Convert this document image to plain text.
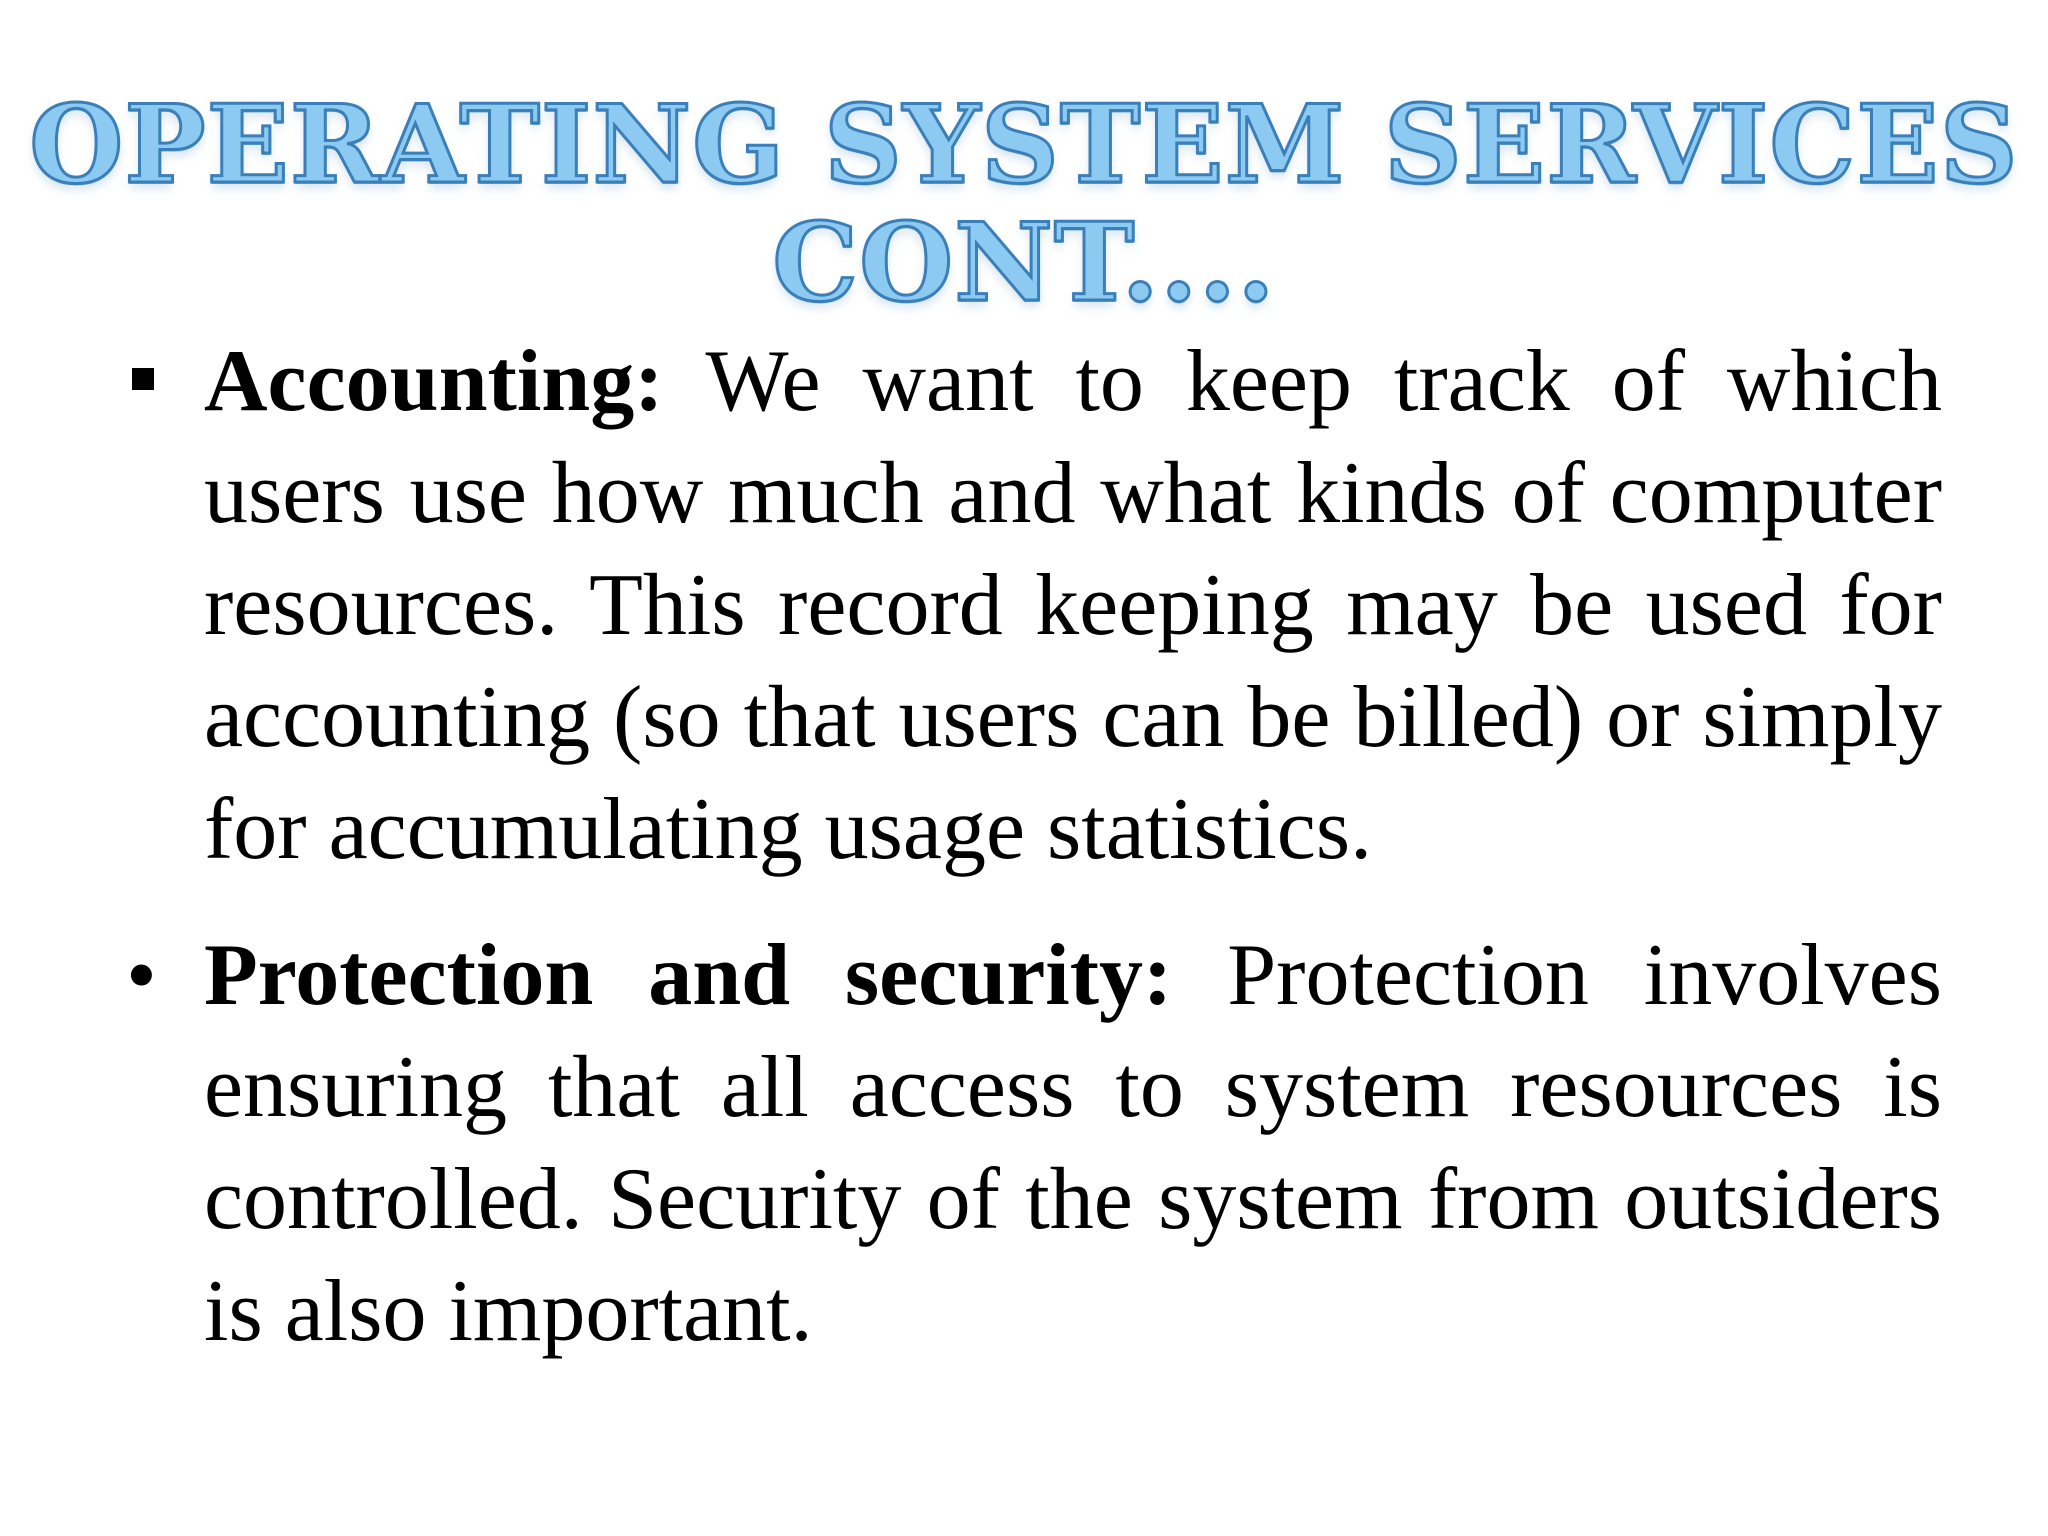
OPERATING SYSTEM SERVICES
CONT....
Accounting: We want to keep track of which users use how much and what kinds of computer resources. This record keeping may be used for accounting (so that users can be billed) or simply for accumulating usage statistics.
• Protection and security: Protection involves ensuring that all access to system resources is controlled. Security of the system from outsiders is also important.
